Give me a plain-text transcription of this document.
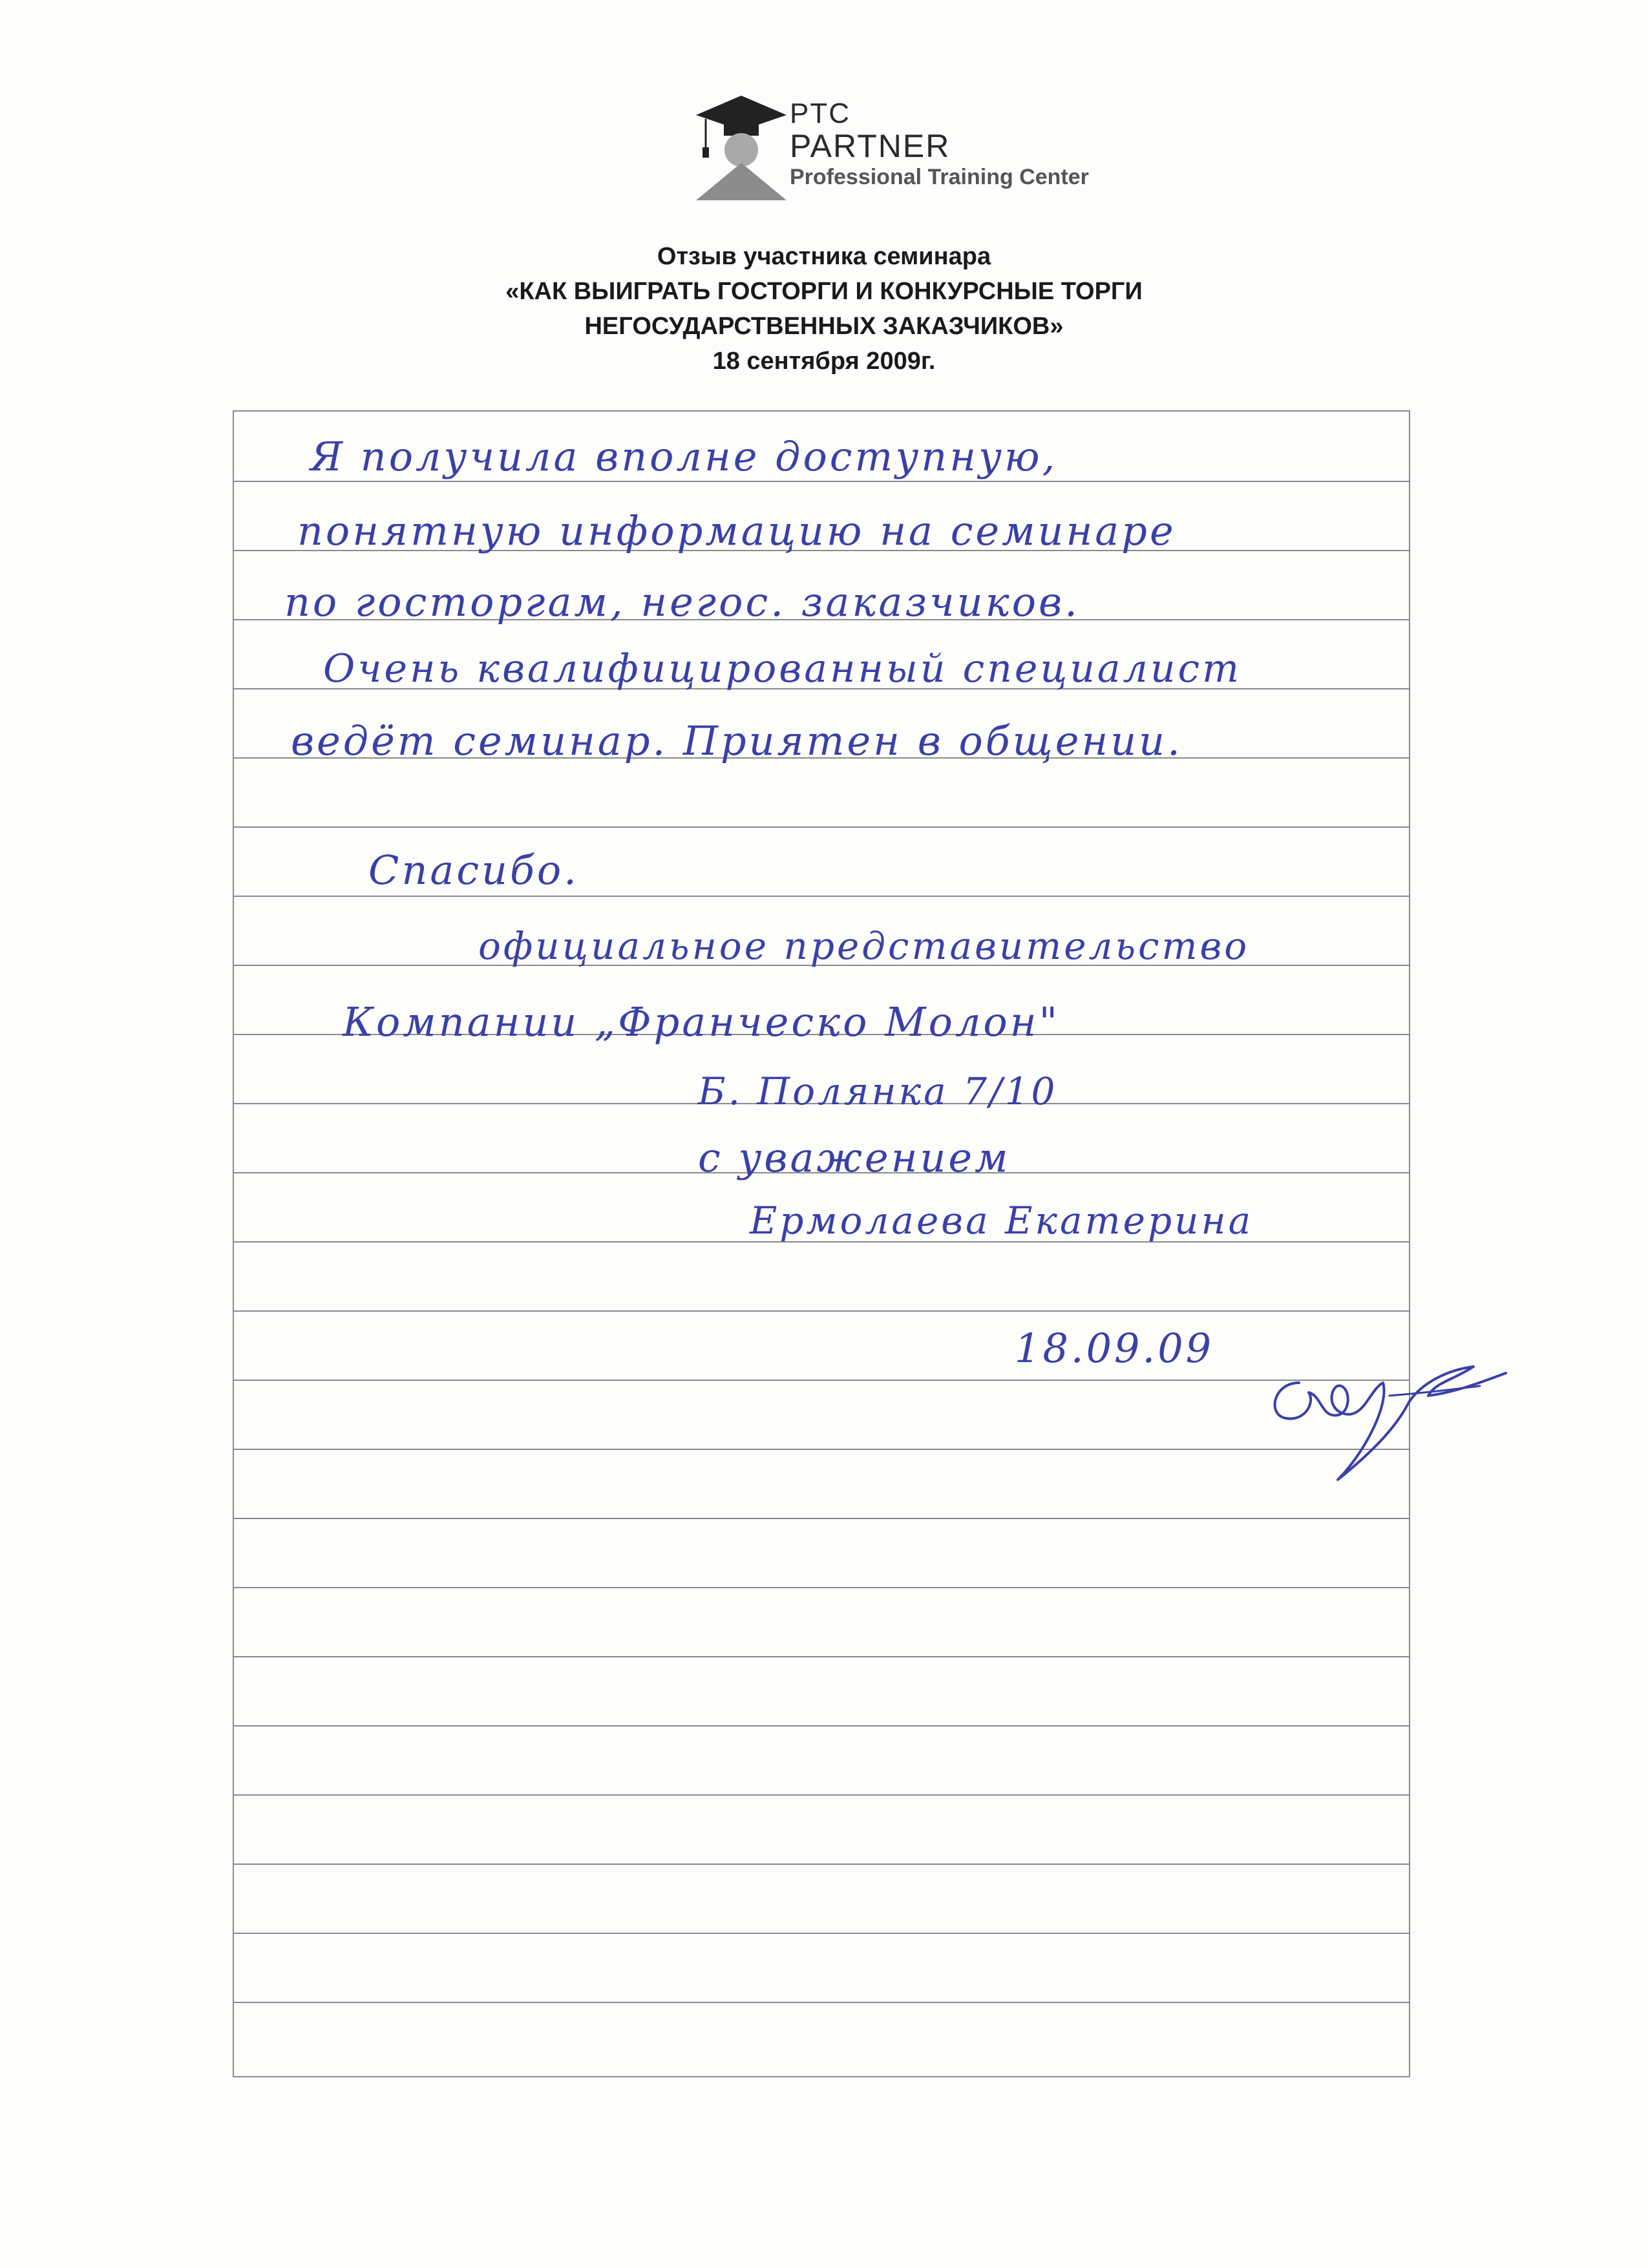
PTC
PARTNER
Professional Training Center
Отзыв участника семинара
«КАК ВЫИГРАТЬ ГОСТОРГИ И КОНКУРСНЫЕ ТОРГИ
НЕГОСУДАРСТВЕННЫХ ЗАКАЗЧИКОВ»
18 сентября 2009г.
Я получила вполне доступную,
понятную информацию на семинаре
по госторгам, негос. заказчиков.
Очень квалифицированный специалист
ведёт семинар. Приятен в общении.
Спасибо.
официальное представительство
Компании „Франческо Молон"
Б. Полянка 7/10
с уважением
Ермолаева Екатерина
18.09.09
